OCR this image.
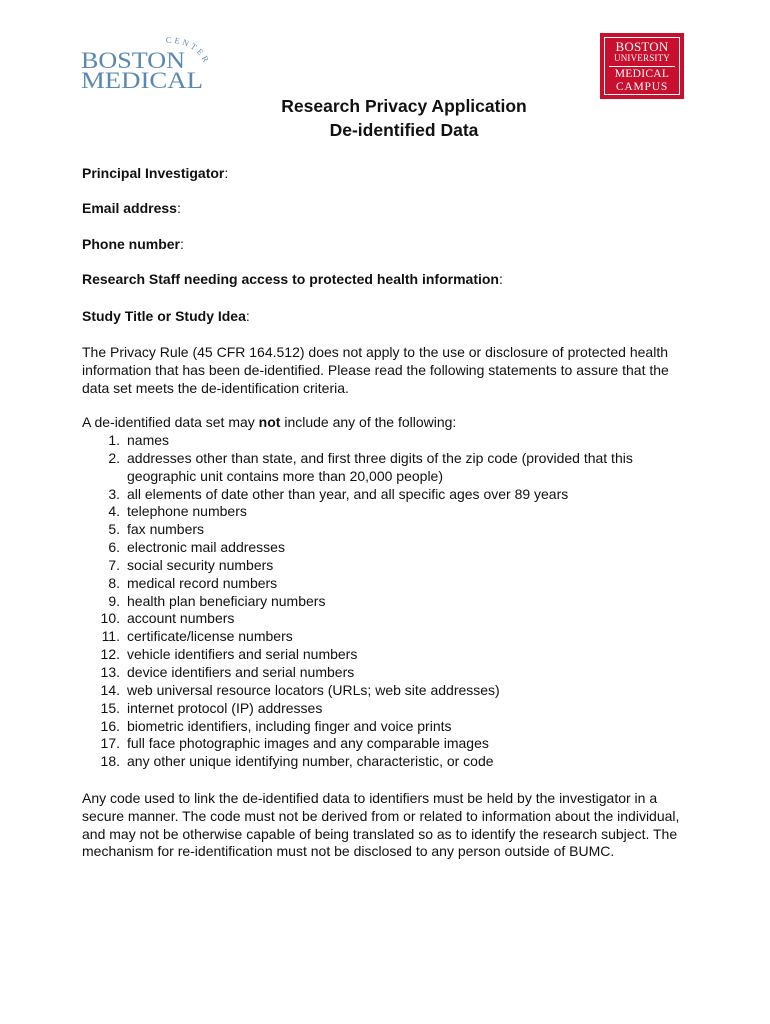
CENTER
BOSTON
MEDICAL
BOSTON
UNIVERSITY
MEDICAL
CAMPUS
Research Privacy Application
De-identified Data
Principal Investigator:
Email address:
Phone number:
Research Staff needing access to protected health information:
Study Title or Study Idea:
The Privacy Rule (45 CFR 164.512) does not apply to the use or disclosure of protected health information that has been de-identified. Please read the following statements to assure that the data set meets the de-identification criteria.
A de-identified data set may not include any of the following:
1. names
2. addresses other than state, and first three digits of the zip code (provided that this geographic unit contains more than 20,000 people)
3. all elements of date other than year, and all specific ages over 89 years
4. telephone numbers
5. fax numbers
6. electronic mail addresses
7. social security numbers
8. medical record numbers
9. health plan beneficiary numbers
10. account numbers
11. certificate/license numbers
12. vehicle identifiers and serial numbers
13. device identifiers and serial numbers
14. web universal resource locators (URLs; web site addresses)
15. internet protocol (IP) addresses
16. biometric identifiers, including finger and voice prints
17. full face photographic images and any comparable images
18. any other unique identifying number, characteristic, or code
Any code used to link the de-identified data to identifiers must be held by the investigator in a secure manner. The code must not be derived from or related to information about the individual, and may not be otherwise capable of being translated so as to identify the research subject. The mechanism for re-identification must not be disclosed to any person outside of BUMC.
